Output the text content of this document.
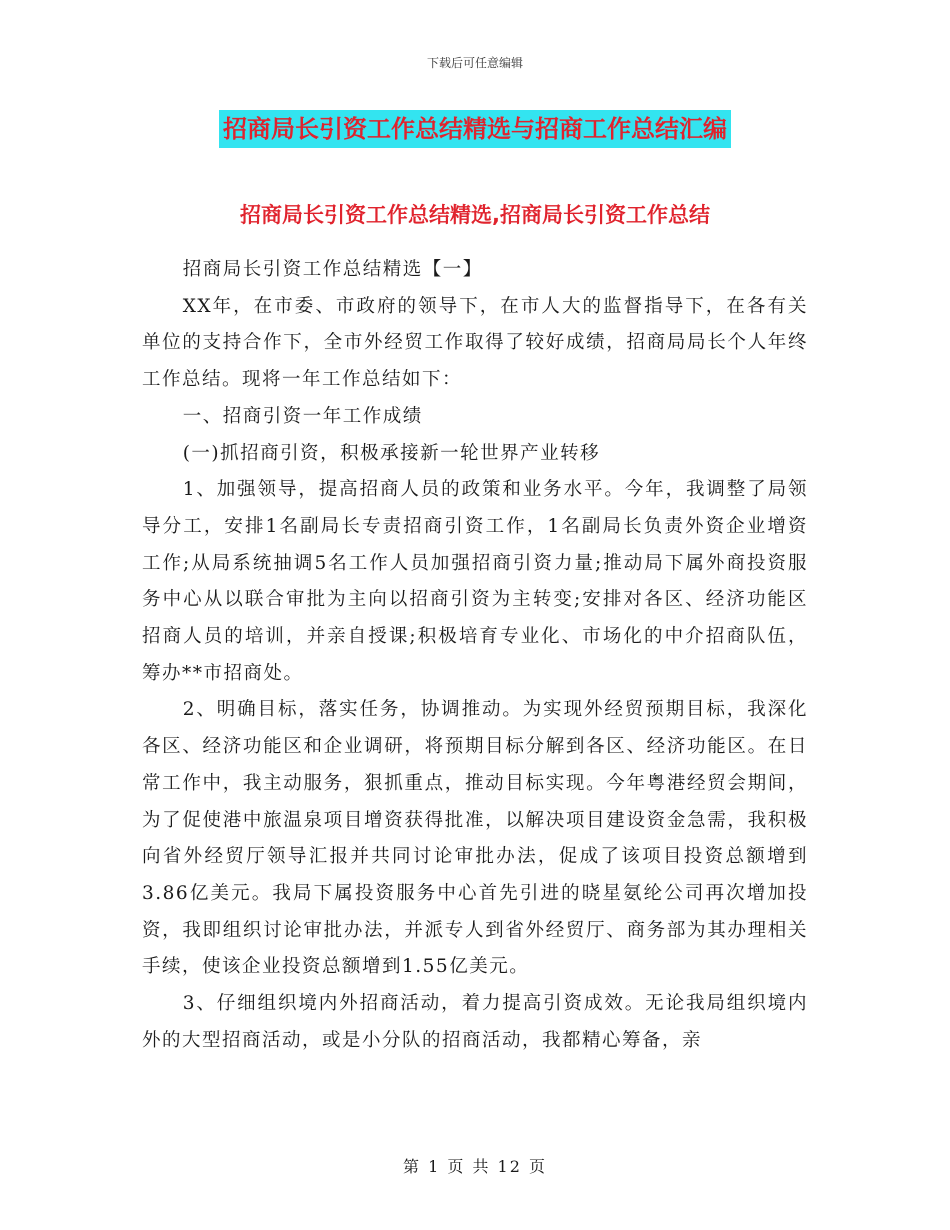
下载后可任意编辑
招商局长引资工作总结精选与招商工作总结汇编
招商局长引资工作总结精选,招商局长引资工作总结

招商局长引资工作总结精选【一】

XX年，在市委、市政府的领导下，在市人大的监督指导下，在各有关单位的支持合作下，全市外经贸工作取得了较好成绩，招商局局长个人年终工作总结。现将一年工作总结如下：

一、招商引资一年工作成绩

(一)抓招商引资，积极承接新一轮世界产业转移

1、加强领导，提高招商人员的政策和业务水平。今年，我调整了局领导分工，安排1名副局长专责招商引资工作，1名副局长负责外资企业增资工作;从局系统抽调5名工作人员加强招商引资力量;推动局下属外商投资服务中心从以联合审批为主向以招商引资为主转变;安排对各区、经济功能区招商人员的培训，并亲自授课;积极培育专业化、市场化的中介招商队伍，筹办**市招商处。

2、明确目标，落实任务，协调推动。为实现外经贸预期目标，我深化各区、经济功能区和企业调研，将预期目标分解到各区、经济功能区。在日常工作中，我主动服务，狠抓重点，推动目标实现。今年粤港经贸会期间，为了促使港中旅温泉项目增资获得批准，以解决项目建设资金急需，我积极向省外经贸厅领导汇报并共同讨论审批办法，促成了该项目投资总额增到3.86亿美元。我局下属投资服务中心首先引进的晓星氨纶公司再次增加投资，我即组织讨论审批办法，并派专人到省外经贸厅、商务部为其办理相关手续，使该企业投资总额增到1.55亿美元。

3、仔细组织境内外招商活动，着力提高引资成效。无论我局组织境内外的大型招商活动，或是小分队的招商活动，我都精心筹备，亲

第 1 页 共 12 页
